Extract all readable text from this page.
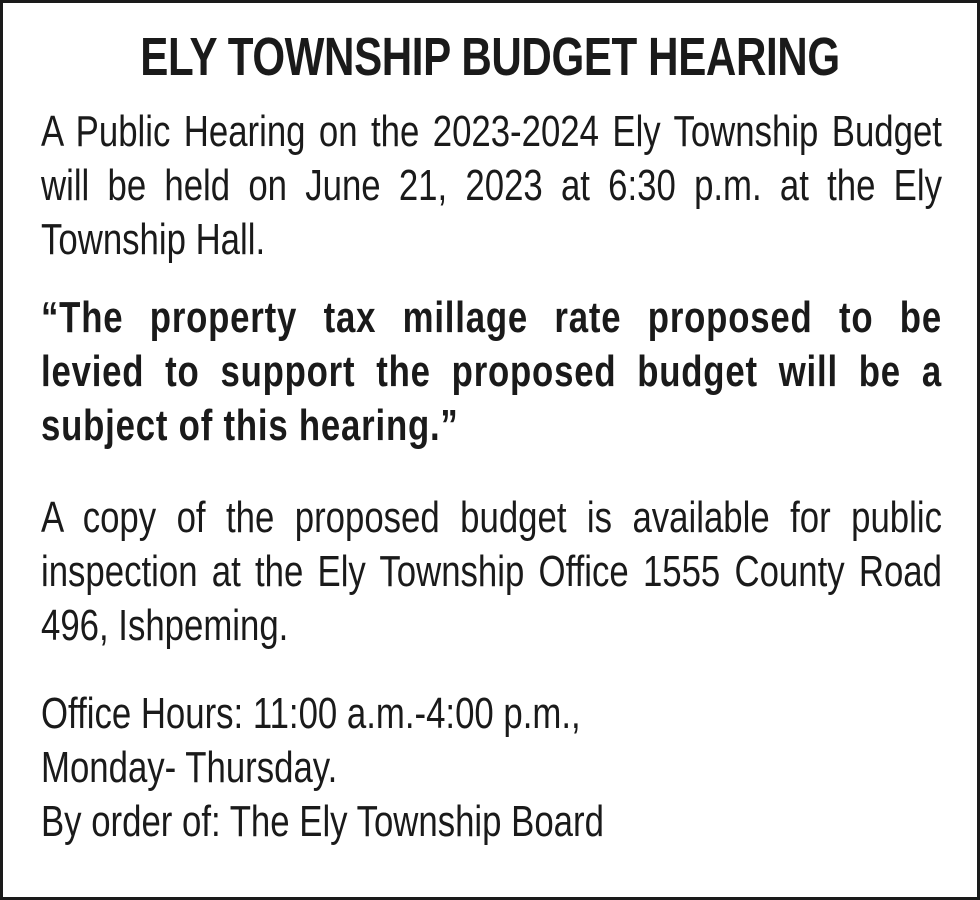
ELY TOWNSHIP BUDGET HEARING

A Public Hearing on the 2023-2024 Ely Township Budget will be held on June 21, 2023 at 6:30 p.m. at the Ely Township Hall.

“The property tax millage rate proposed to be levied to support the proposed budget will be a subject of this hearing.”

A copy of the proposed budget is available for public inspection at the Ely Township Office 1555 County Road 496, Ishpeming.

Office Hours: 11:00 a.m.-4:00 p.m.,
Monday- Thursday.
By order of: The Ely Township Board
